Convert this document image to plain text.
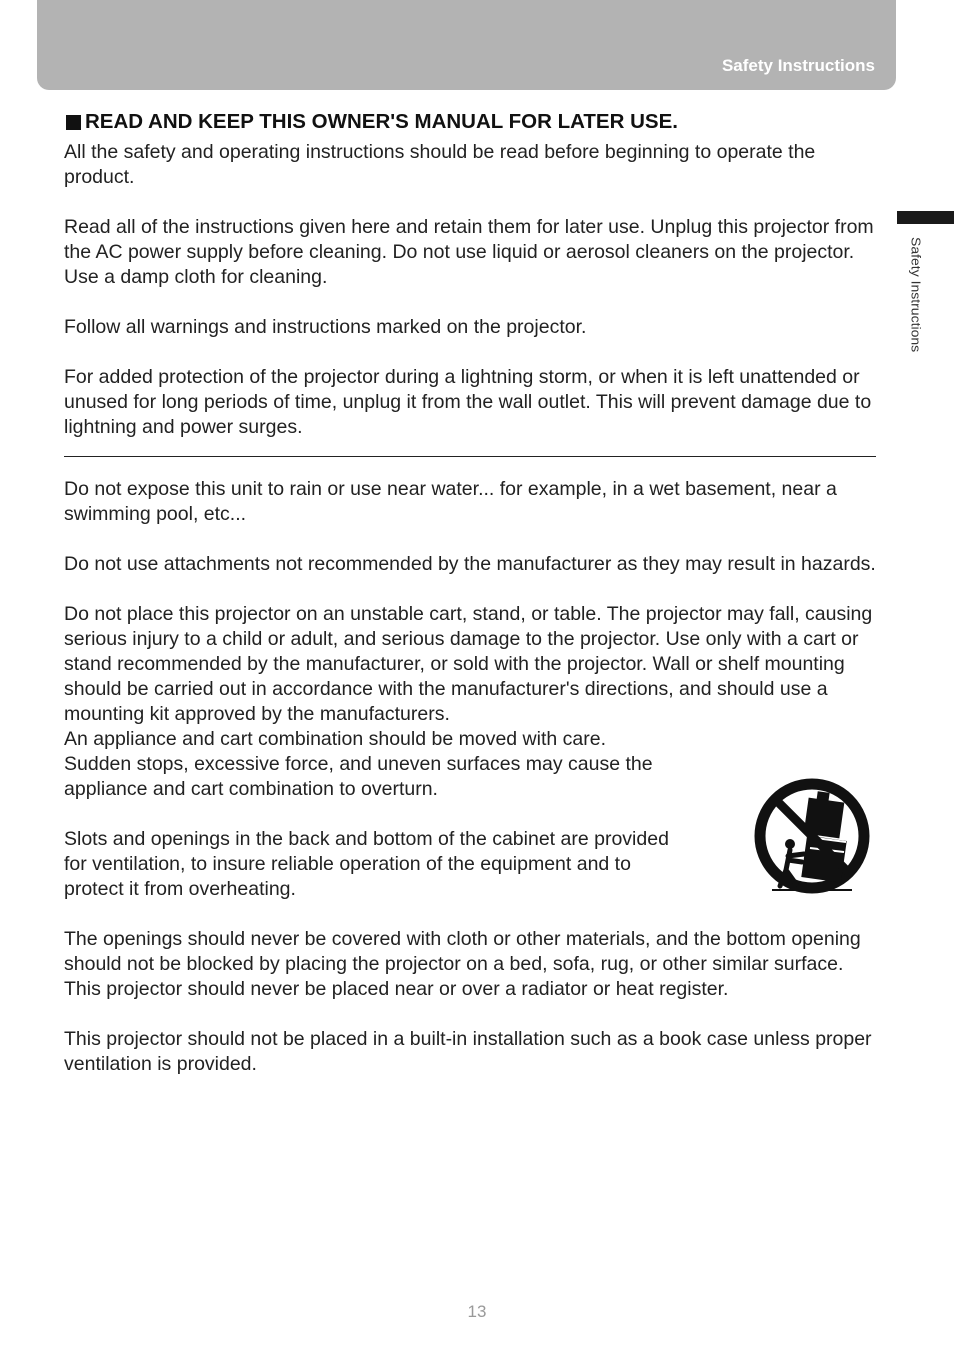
Safety Instructions
Safety Instructions
READ AND KEEP THIS OWNER'S MANUAL FOR LATER USE.

All the safety and operating instructions should be read before beginning to operate the product.

Read all of the instructions given here and retain them for later use. Unplug this projector from the AC power supply before cleaning. Do not use liquid or aerosol cleaners on the projector. Use a damp cloth for cleaning.

Follow all warnings and instructions marked on the projector.

For added protection of the projector during a lightning storm, or when it is left unattended or unused for long periods of time, unplug it from the wall outlet. This will prevent damage due to lightning and power surges.

Do not expose this unit to rain or use near water... for example, in a wet basement, near a swimming pool, etc...

Do not use attachments not recommended by the manufacturer as they may result in hazards.

Do not place this projector on an unstable cart, stand, or table. The projector may fall, causing serious injury to a child or adult, and serious damage to the projector. Use only with a cart or stand recommended by the manufacturer, or sold with the projector. Wall or shelf mounting should be carried out in accordance with the manufacturer's directions, and should use a mounting kit approved by the manufacturers.

An appliance and cart combination should be moved with care.
Sudden stops, excessive force, and uneven surfaces may cause the
appliance and cart combination to overturn.

Slots and openings in the back and bottom of the cabinet are provided
for ventilation, to insure reliable operation of the equipment and to
protect it from overheating.

The openings should never be covered with cloth or other materials, and the bottom opening should not be blocked by placing the projector on a bed, sofa, rug, or other similar surface. This projector should never be placed near or over a radiator or heat register.

This projector should not be placed in a built-in installation such as a book case unless proper ventilation is provided.

13
